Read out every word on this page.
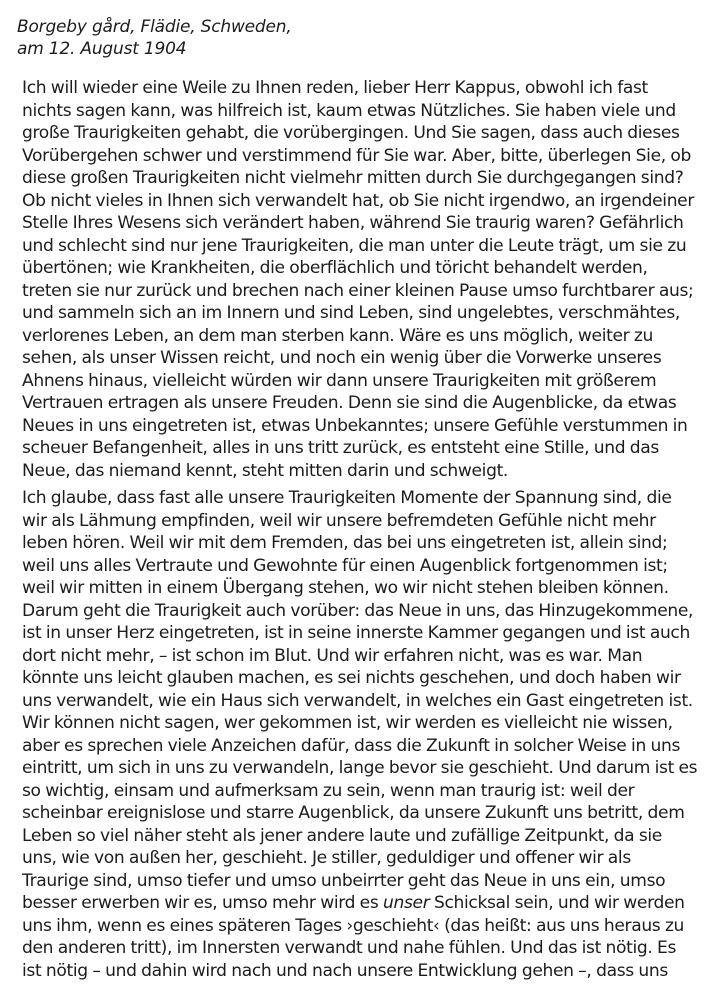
Borgeby gård, Flädie, Schweden,
am 12. August 1904
Ich will wieder eine Weile zu Ihnen reden, lieber Herr Kappus, obwohl ich fast
nichts sagen kann, was hilfreich ist, kaum etwas Nützliches. Sie haben viele und
große Traurigkeiten gehabt, die vorübergingen. Und Sie sagen, dass auch dieses
Vorübergehen schwer und verstimmend für Sie war. Aber, bitte, überlegen Sie, ob
diese großen Traurigkeiten nicht vielmehr mitten durch Sie durchgegangen sind?
Ob nicht vieles in Ihnen sich verwandelt hat, ob Sie nicht irgendwo, an irgendeiner
Stelle Ihres Wesens sich verändert haben, während Sie traurig waren? Gefährlich
und schlecht sind nur jene Traurigkeiten, die man unter die Leute trägt, um sie zu
übertönen; wie Krankheiten, die oberflächlich und töricht behandelt werden,
treten sie nur zurück und brechen nach einer kleinen Pause umso furchtbarer aus;
und sammeln sich an im Innern und sind Leben, sind ungelebtes, verschmähtes,
verlorenes Leben, an dem man sterben kann. Wäre es uns möglich, weiter zu
sehen, als unser Wissen reicht, und noch ein wenig über die Vorwerke unseres
Ahnens hinaus, vielleicht würden wir dann unsere Traurigkeiten mit größerem
Vertrauen ertragen als unsere Freuden. Denn sie sind die Augenblicke, da etwas
Neues in uns eingetreten ist, etwas Unbekanntes; unsere Gefühle verstummen in
scheuer Befangenheit, alles in uns tritt zurück, es entsteht eine Stille, und das
Neue, das niemand kennt, steht mitten darin und schweigt.
Ich glaube, dass fast alle unsere Traurigkeiten Momente der Spannung sind, die
wir als Lähmung empfinden, weil wir unsere befremdeten Gefühle nicht mehr
leben hören. Weil wir mit dem Fremden, das bei uns eingetreten ist, allein sind;
weil uns alles Vertraute und Gewohnte für einen Augenblick fortgenommen ist;
weil wir mitten in einem Übergang stehen, wo wir nicht stehen bleiben können.
Darum geht die Traurigkeit auch vorüber: das Neue in uns, das Hinzugekommene,
ist in unser Herz eingetreten, ist in seine innerste Kammer gegangen und ist auch
dort nicht mehr, – ist schon im Blut. Und wir erfahren nicht, was es war. Man
könnte uns leicht glauben machen, es sei nichts geschehen, und doch haben wir
uns verwandelt, wie ein Haus sich verwandelt, in welches ein Gast eingetreten ist.
Wir können nicht sagen, wer gekommen ist, wir werden es vielleicht nie wissen,
aber es sprechen viele Anzeichen dafür, dass die Zukunft in solcher Weise in uns
eintritt, um sich in uns zu verwandeln, lange bevor sie geschieht. Und darum ist es
so wichtig, einsam und aufmerksam zu sein, wenn man traurig ist: weil der
scheinbar ereignislose und starre Augenblick, da unsere Zukunft uns betritt, dem
Leben so viel näher steht als jener andere laute und zufällige Zeitpunkt, da sie
uns, wie von außen her, geschieht. Je stiller, geduldiger und offener wir als
Traurige sind, umso tiefer und umso unbeirrter geht das Neue in uns ein, umso
besser erwerben wir es, umso mehr wird es unser Schicksal sein, und wir werden
uns ihm, wenn es eines späteren Tages ›geschieht‹ (das heißt: aus uns heraus zu
den anderen tritt), im Innersten verwandt und nahe fühlen. Und das ist nötig. Es
ist nötig – und dahin wird nach und nach unsere Entwicklung gehen –, dass uns
